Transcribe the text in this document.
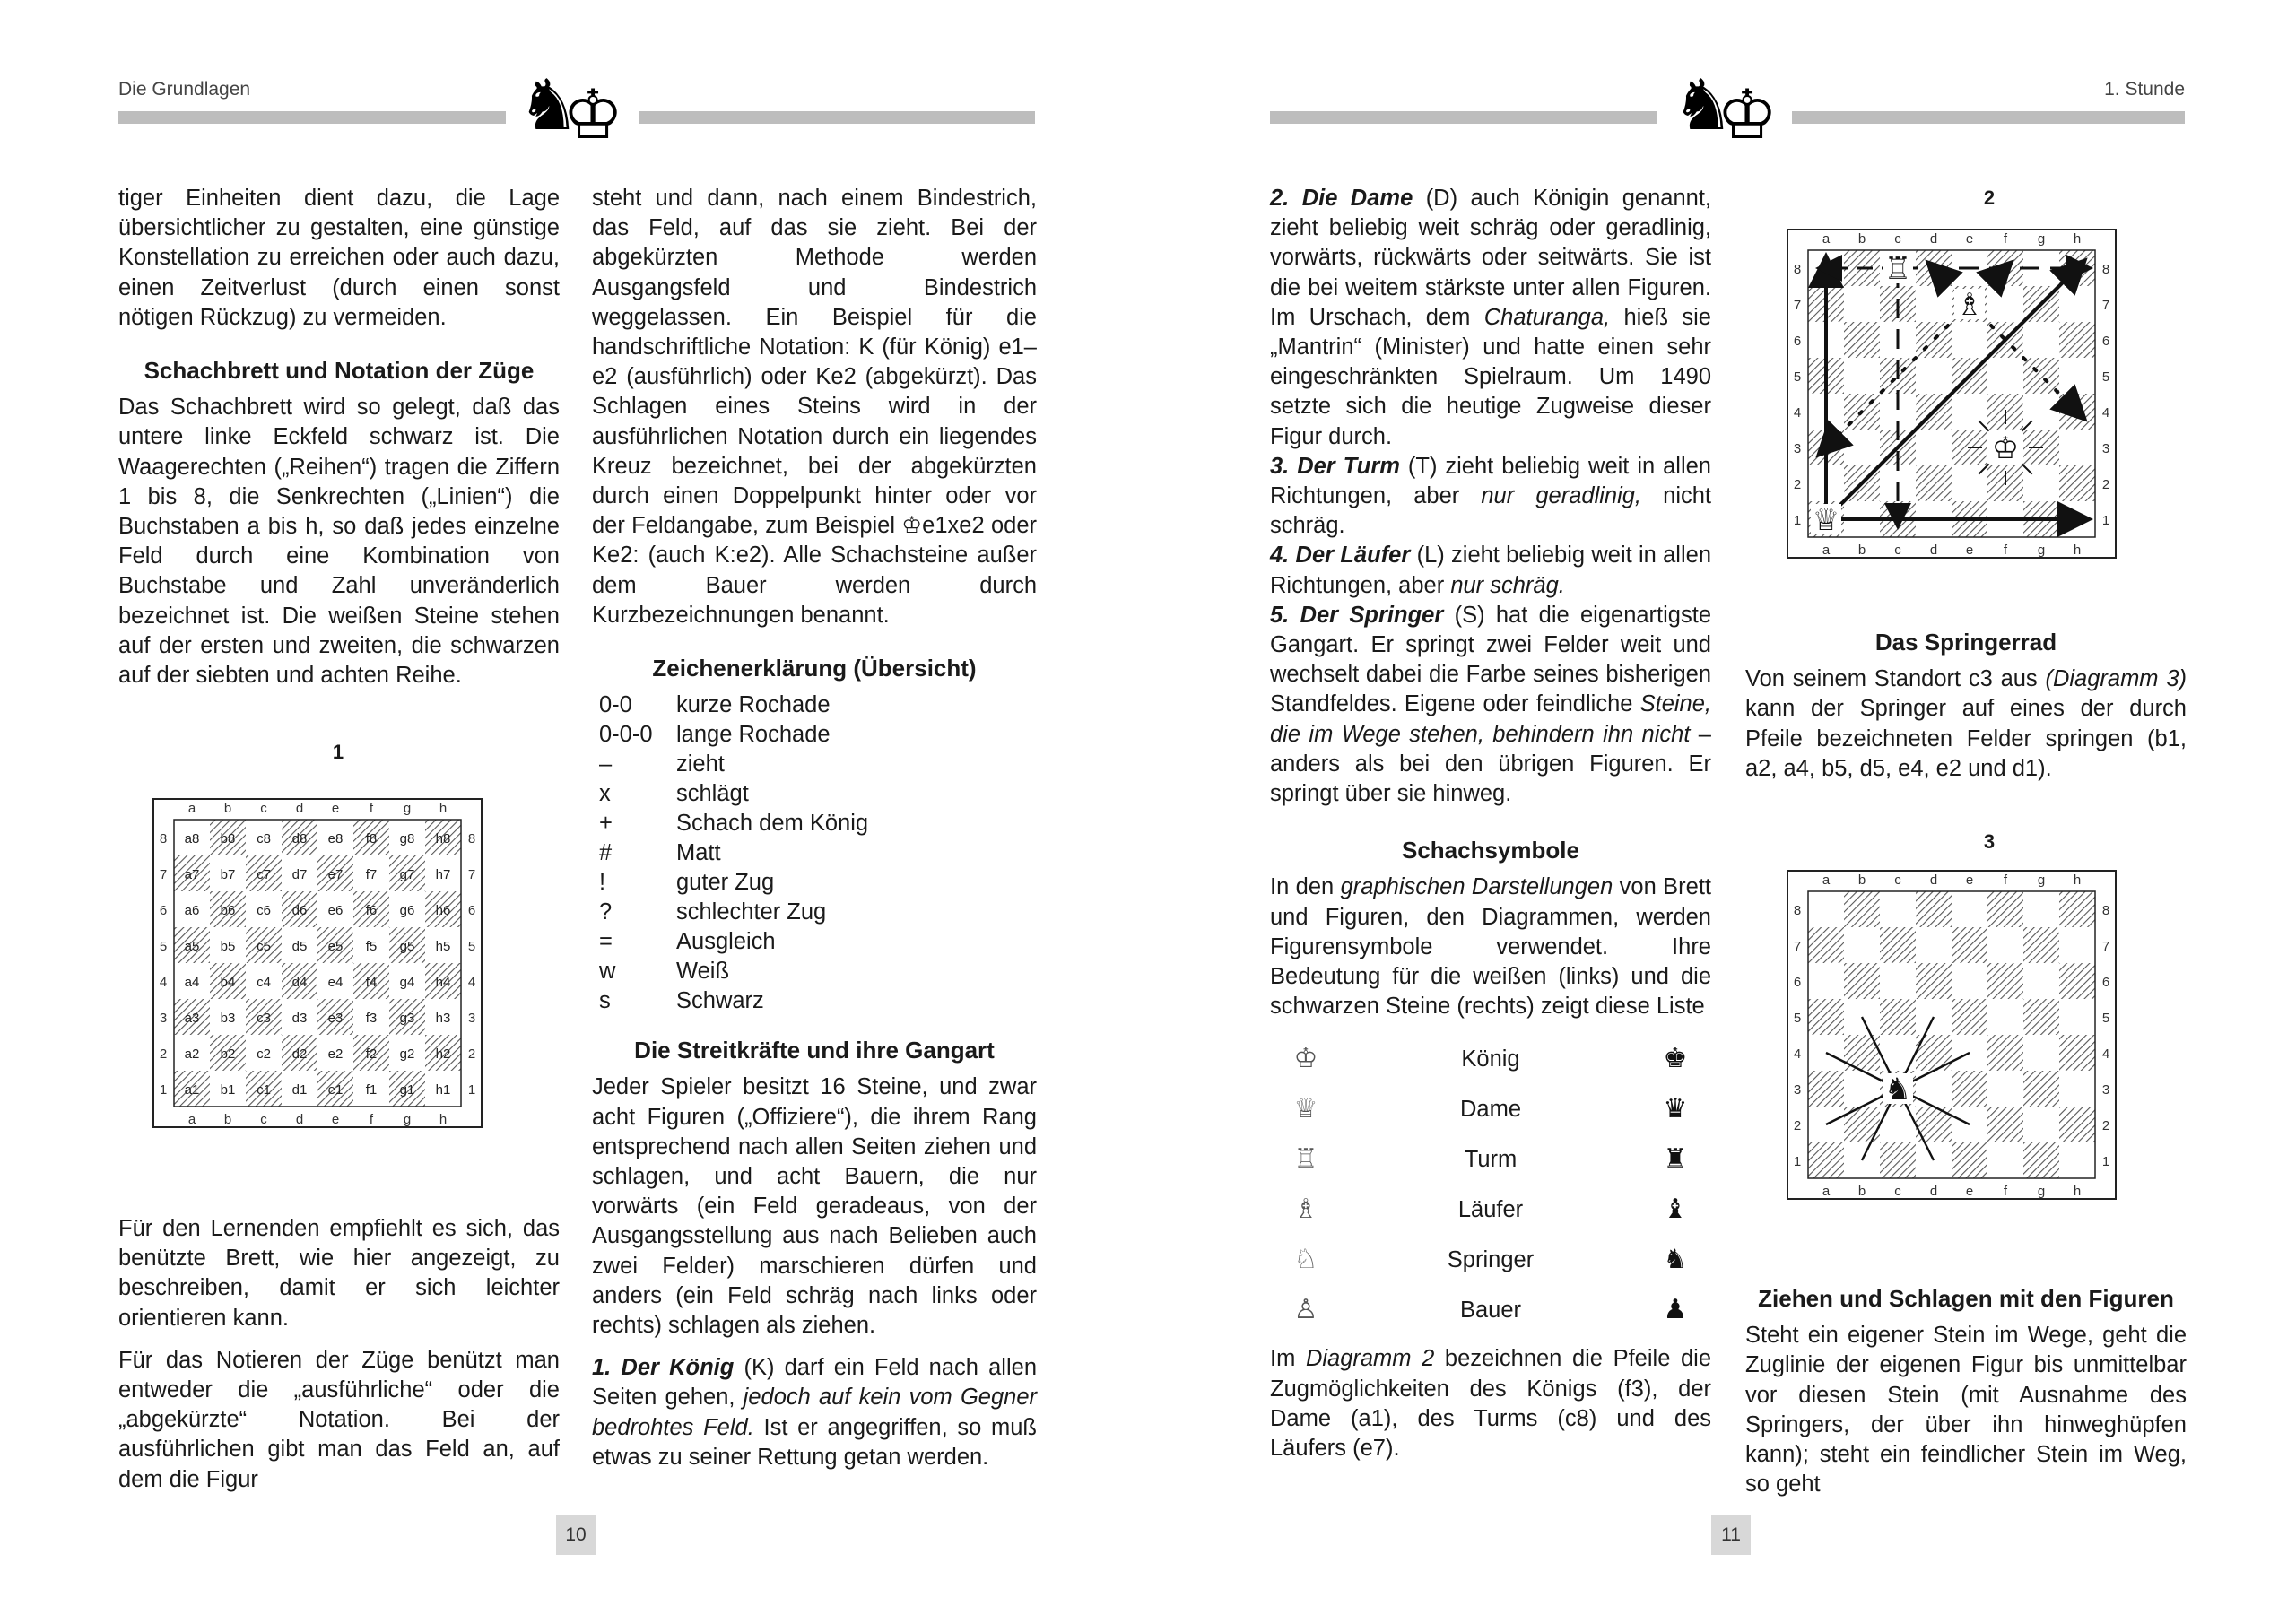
Die Grundlagen	♞
♔

tiger Einheiten dient dazu, die Lage übersichtlicher zu gestalten, eine günstige Konstellation zu erreichen oder auch dazu, einen Zeitverlust (durch einen sonst nötigen Rückzug) zu vermeiden.

Schachbrett und Notation der Züge

Das Schachbrett wird so gelegt, daß das untere linke Eckfeld schwarz ist. Die Waagerechten („Reihen“) tragen die Ziffern 1 bis 8, die Senkrechten („Linien“) die Buchstaben a bis h, so daß jedes einzelne Feld durch eine Kombination von Buchstabe und Zahl unveränderlich bezeichnet ist. Die weißen Steine stehen auf der ersten und zweiten, die schwarzen auf der siebten und achten Reihe.

1
a8 b8 c8 d8 e8 f8 g8 h8
a7 b7 c7 d7 e7 f7 g7 h7
a6 b6 c6 d6 e6 f6 g6 h6
a5 b5 c5 d5 e5 f5 g5 h5
a4 b4 c4 d4 e4 f4 g4 h4
a3 b3 c3 d3 e3 f3 g3 h3
a2 b2 c2 d2 e2 f2 g2 h2
a1 b1 c1 d1 e1 f1 g1 h1
a
a
b
b
c
c
d
d
e
e
f
f
g
g
h
h
8	8
7	7
6	6
5	5
4	4
3	3
2	2
1	1

Für den Lernenden empfiehlt es sich, das benützte Brett, wie hier angezeigt, zu beschreiben, damit er sich leichter orientieren kann.

Für das Notieren der Züge benützt man entweder die „ausführliche“ oder die „abgekürzte“ Notation. Bei der ausführlichen gibt man das Feld an, auf dem die Figur

steht und dann, nach einem Bindestrich, das Feld, auf das sie zieht. Bei der abgekürzten Methode werden Ausgangsfeld und Bindestrich weggelassen. Ein Beispiel für die handschriftliche Notation: K (für König) e1–e2 (ausführlich) oder Ke2 (abgekürzt). Das Schlagen eines Steins wird in der ausführlichen Notation durch ein liegendes Kreuz bezeichnet, bei der abgekürzten durch einen Doppelpunkt hinter oder vor der Feldangabe, zum Beispiel ♔e1xe2 oder Ke2: (auch K:e2). Alle Schachsteine außer dem Bauer werden durch Kurzbezeichnungen benannt.

Zeichenerklärung (Übersicht)
0-0	kurze Rochade
0-0-0	lange Rochade
–	zieht
x	schlägt
+	Schach dem König
#	Matt
!	guter Zug
?	schlechter Zug
=	Ausgleich
w	Weiß
s	Schwarz
Die Streitkräfte und ihre Gangart

Jeder Spieler besitzt 16 Steine, und zwar acht Figuren („Offiziere“), die ihrem Rang entsprechend nach allen Seiten ziehen und schlagen, und acht Bauern, die nur vorwärts (ein Feld geradeaus, von der Ausgangsstellung aus nach Belieben auch zwei Felder) marschieren dürfen und anders (ein Feld schräg nach links oder rechts) schlagen als ziehen.

1. Der König (K) darf ein Feld nach allen Seiten gehen, jedoch auf kein vom Gegner bedrohtes Feld. Ist er angegriffen, so muß etwas zu seiner Rettung getan werden.

10
1. Stunde
♞
♔

2. Die Dame (D) auch Königin genannt, zieht beliebig weit schräg oder geradlinig, vorwärts, rückwärts oder seitwärts. Sie ist die bei weitem stärkste unter allen Figuren. Im Urschach, dem Chaturanga, hieß sie „Mantrin“ (Minister) und hatte einen sehr eingeschränkten Spielraum. Um 1490 setzte sich die heutige Zugweise dieser Figur durch.

3. Der Turm (T) zieht beliebig weit in allen Richtungen, aber nur geradlinig, nicht schräg.

4. Der Läufer (L) zieht beliebig weit in allen Richtungen, aber nur schräg.

5. Der Springer (S) hat die eigenartigste Gangart. Er springt zwei Felder weit und wechselt dabei die Farbe seines bisherigen Standfeldes. Eigene oder feindliche Steine, die im Wege stehen, behindern ihn nicht – anders als bei den übrigen Figuren. Er springt über sie hinweg.

Schachsymbole

In den graphischen Darstellungen von Brett und Figuren, den Diagrammen, werden Figurensymbole verwendet. Ihre Bedeutung für die weißen (links) und die schwarzen Steine (rechts) zeigt diese Liste

♔	König	♚
♕	Dame	♛
♖	Turm	♜
♗	Läufer	♝
♘	Springer	♞
♙	Bauer	♟

Im Diagramm 2 bezeichnen die Pfeile die Zugmöglichkeiten des Königs (f3), der Dame (a1), des Turms (c8) und des Läufers (e7).

2
a
a
b
b
c
c
d
d
e
e
f
f
g
g
h
h
8	8
7	7
6	6
5	5
4	4
3	3
2	2
1	1
♕
♖
♗
♔
Das Springerrad

Von seinem Standort c3 aus (Diagramm 3) kann der Springer auf eines der durch Pfeile bezeichneten Felder springen (b1, a2, a4, b5, d5, e4, e2 und d1).

3
a
a
b
b
c
c
d
d
e
e
f
f
g
g
h
h
8	8
7	7
6	6
5	5
4	4
3	3
2	2
1	1
♞
Ziehen und Schlagen mit den Figuren

Steht ein eigener Stein im Wege, geht die Zuglinie der eigenen Figur bis unmittelbar vor diesen Stein (mit Ausnahme des Springers, der über ihn hinweghüpfen kann); steht ein feindlicher Stein im Weg, so geht

11
